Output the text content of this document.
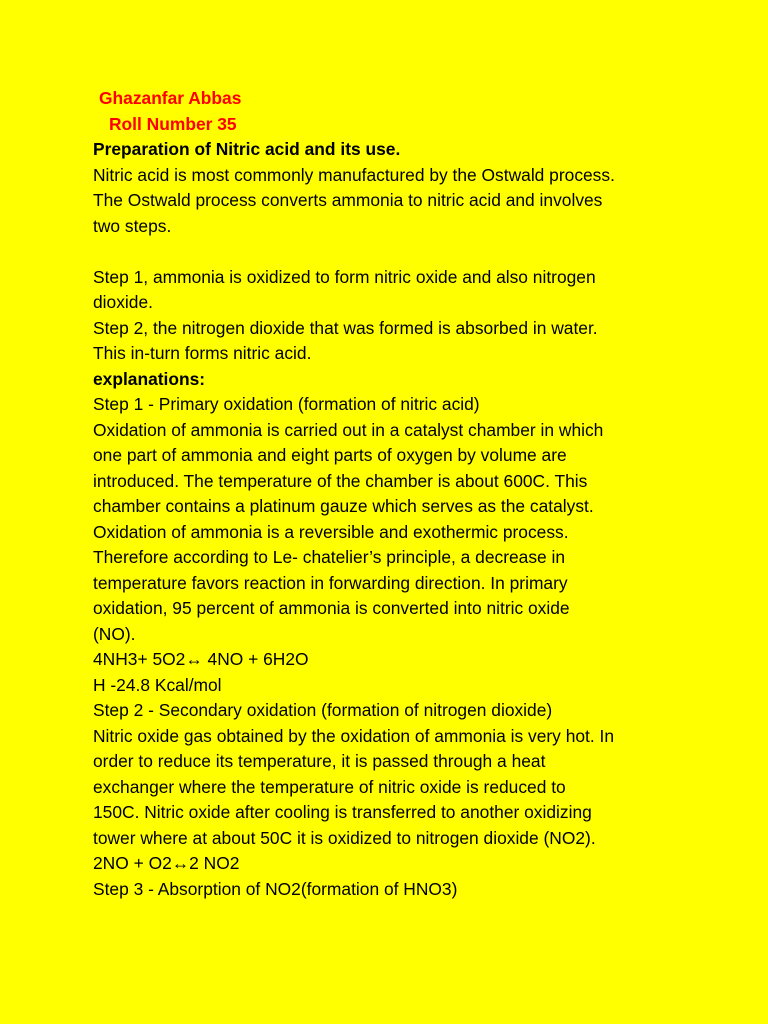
Ghazanfar Abbas
Roll Number 35
Preparation of Nitric acid and its use.
Nitric acid is most commonly manufactured by the Ostwald process.
The Ostwald process converts ammonia to nitric acid and involves
two steps.
Step 1, ammonia is oxidized to form nitric oxide and also nitrogen
dioxide.
Step 2, the nitrogen dioxide that was formed is absorbed in water.
This in-turn forms nitric acid.
explanations:
Step 1 - Primary oxidation (formation of nitric acid)
Oxidation of ammonia is carried out in a catalyst chamber in which
one part of ammonia and eight parts of oxygen by volume are
introduced. The temperature of the chamber is about 600C. This
chamber contains a platinum gauze which serves as the catalyst.
Oxidation of ammonia is a reversible and exothermic process.
Therefore according to Le- chatelier’s principle, a decrease in
temperature favors reaction in forwarding direction. In primary
oxidation, 95 percent of ammonia is converted into nitric oxide
(NO).
4NH3+ 5O2↔ 4NO + 6H2O
H -24.8 Kcal/mol
Step 2 - Secondary oxidation (formation of nitrogen dioxide)
Nitric oxide gas obtained by the oxidation of ammonia is very hot. In
order to reduce its temperature, it is passed through a heat
exchanger where the temperature of nitric oxide is reduced to
150C. Nitric oxide after cooling is transferred to another oxidizing
tower where at about 50C it is oxidized to nitrogen dioxide (NO2).
2NO + O2↔2 NO2
Step 3 - Absorption of NO2(formation of HNO3)
